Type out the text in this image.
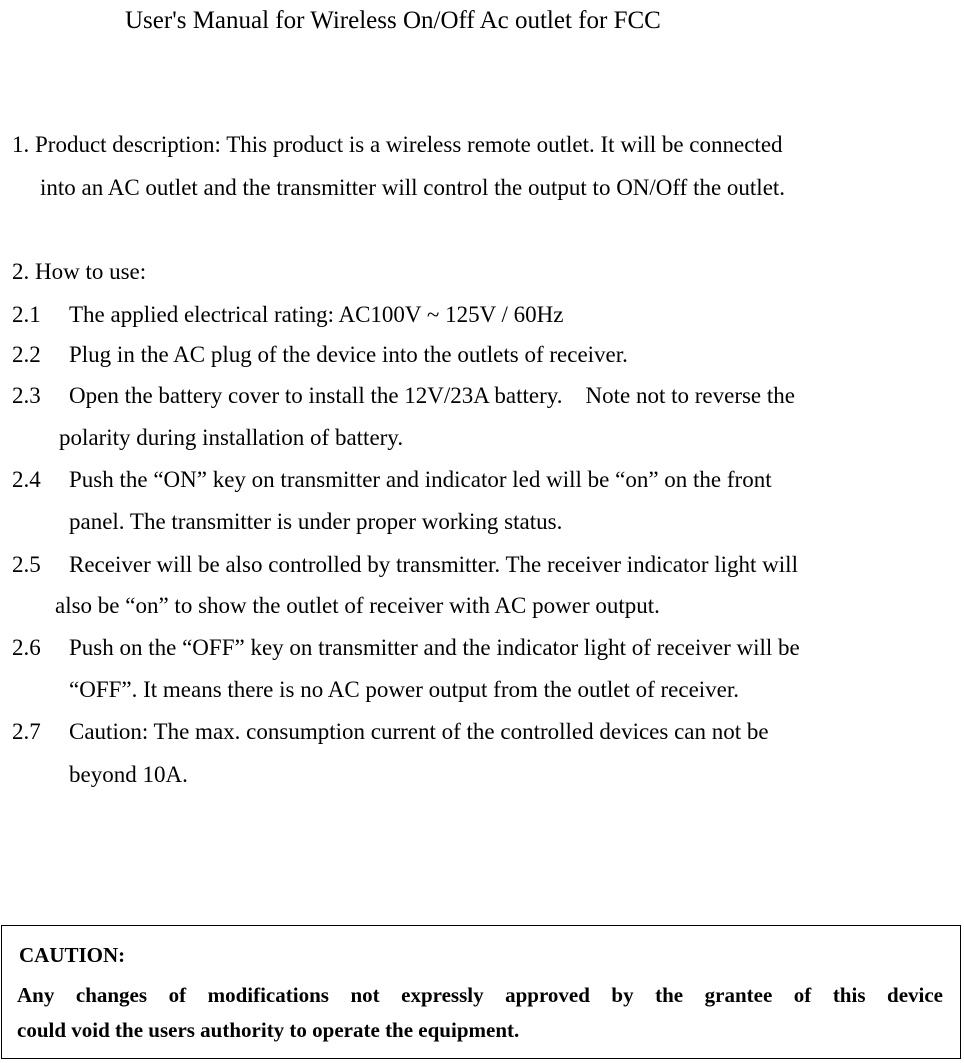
User's Manual for Wireless On/Off Ac outlet for FCC
1. Product description: This product is a wireless remote outlet. It will be connected
into an AC outlet and the transmitter will control the output to ON/Off the outlet.
2. How to use:
2.1 The applied electrical rating: AC100V ~ 125V / 60Hz
2.2 Plug in the AC plug of the device into the outlets of receiver.
2.3 Open the battery cover to install the 12V/23A battery.    Note not to reverse the
polarity during installation of battery.
2.4 Push the “ON” key on transmitter and indicator led will be “on” on the front
panel. The transmitter is under proper working status.
2.5 Receiver will be also controlled by transmitter. The receiver indicator light will
also be “on” to show the outlet of receiver with AC power output.
2.6 Push on the “OFF” key on transmitter and the indicator light of receiver will be
“OFF”. It means there is no AC power output from the outlet of receiver.
2.7 Caution: The max. consumption current of the controlled devices can not be
beyond 10A.
CAUTION:
Any changes of modifications not expressly approved by the grantee of this device
could void the users authority to operate the equipment.
